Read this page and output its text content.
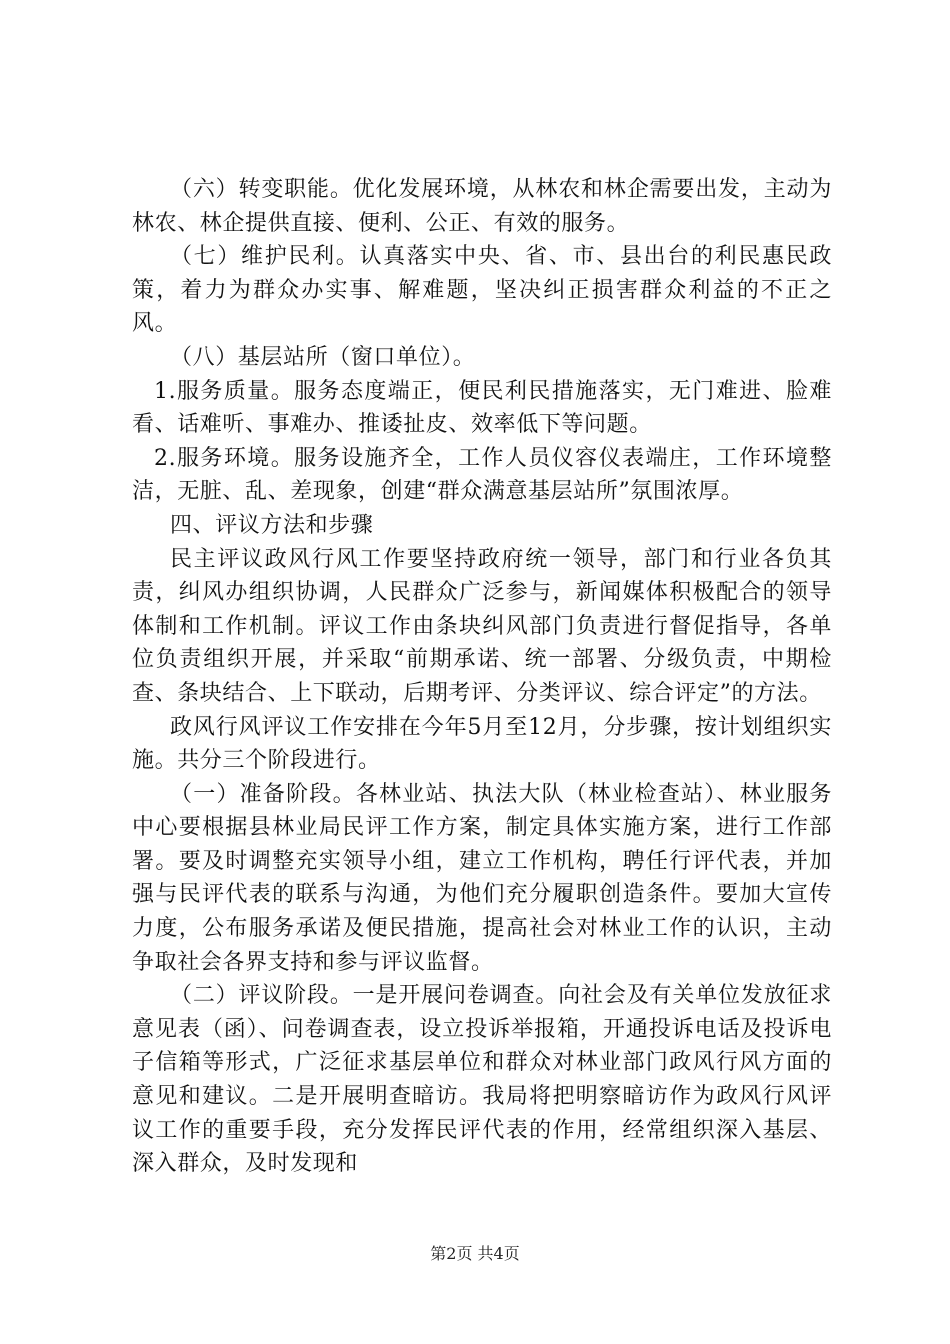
（六）转变职能。优化发展环境，从林农和林企需要出发，主动为林农、林企提供直接、便利、公正、有效的服务。

（七）维护民利。认真落实中央、省、市、县出台的利民惠民政策，着力为群众办实事、解难题，坚决纠正损害群众利益的不正之风。

（八）基层站所（窗口单位）。

1.服务质量。服务态度端正，便民利民措施落实，无门难进、脸难看、话难听、事难办、推诿扯皮、效率低下等问题。

2.服务环境。服务设施齐全，工作人员仪容仪表端庄，工作环境整洁，无脏、乱、差现象，创建“群众满意基层站所”氛围浓厚。

四、评议方法和步骤

民主评议政风行风工作要坚持政府统一领导，部门和行业各负其责，纠风办组织协调，人民群众广泛参与，新闻媒体积极配合的领导体制和工作机制。评议工作由条块纠风部门负责进行督促指导，各单位负责组织开展，并采取“前期承诺、统一部署、分级负责，中期检查、条块结合、上下联动，后期考评、分类评议、综合评定”的方法。

政风行风评议工作安排在今年5月至12月，分步骤，按计划组织实施。共分三个阶段进行。

（一）准备阶段。各林业站、执法大队（林业检查站）、林业服务中心要根据县林业局民评工作方案，制定具体实施方案，进行工作部署。要及时调整充实领导小组，建立工作机构，聘任行评代表，并加强与民评代表的联系与沟通，为他们充分履职创造条件。要加大宣传力度，公布服务承诺及便民措施，提高社会对林业工作的认识，主动争取社会各界支持和参与评议监督。

（二）评议阶段。一是开展问卷调查。向社会及有关单位发放征求意见表（函）、问卷调查表，设立投诉举报箱，开通投诉电话及投诉电子信箱等形式，广泛征求基层单位和群众对林业部门政风行风方面的意见和建议。二是开展明查暗访。我局将把明察暗访作为政风行风评议工作的重要手段，充分发挥民评代表的作用，经常组织深入基层、深入群众，及时发现和

第2页 共4页
